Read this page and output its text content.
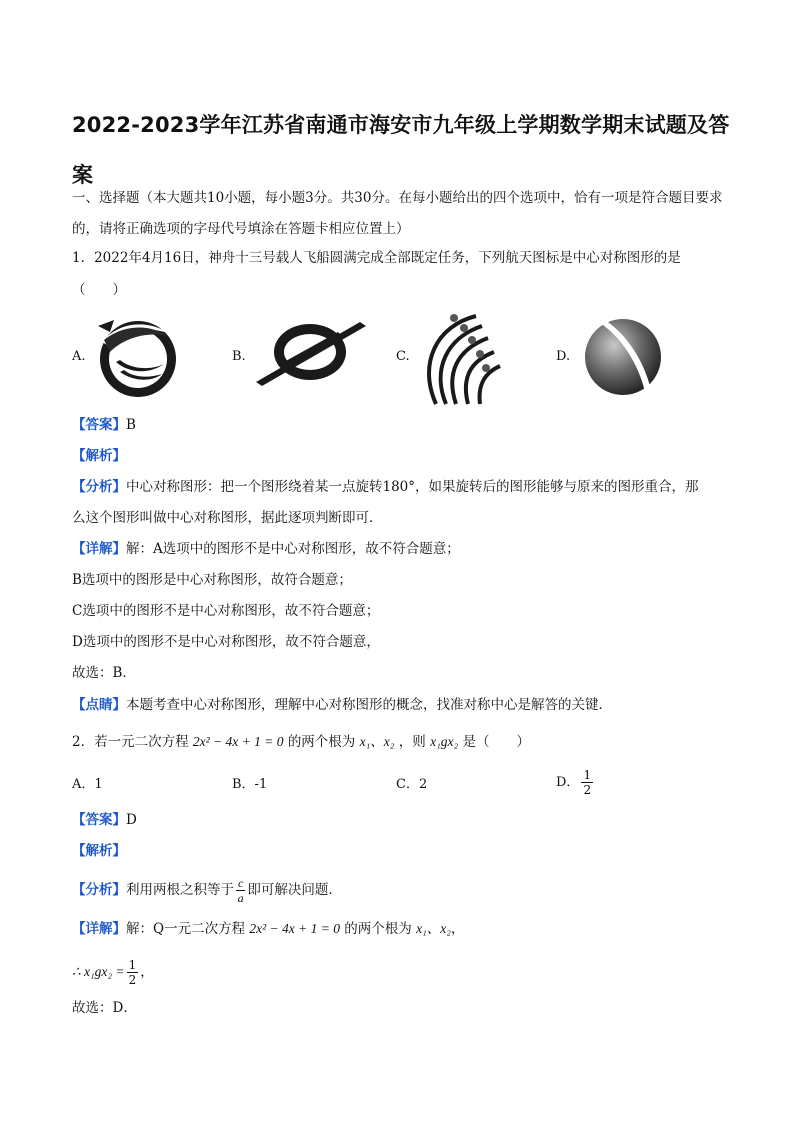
2022-2023学年江苏省南通市海安市九年级上学期数学期末试题及答案
一、选择题（本大题共10小题，每小题3分。共30分。在每小题给出的四个选项中，恰有一项是符合题目要求的，请将正确选项的字母代号填涂在答题卡相应位置上）
1．2022年4月16日，神舟十三号载人飞船圆满完成全部既定任务，下列航天图标是中心对称图形的是
（　　）
A.	B.	C.	D.
【答案】B
【解析】
【分析】中心对称图形：把一个图形绕着某一点旋转180°，如果旋转后的图形能够与原来的图形重合，那
么这个图形叫做中心对称图形，据此逐项判断即可．
【详解】解：A选项中的图形不是中心对称图形，故不符合题意；
B选项中的图形是中心对称图形，故符合题意；
C选项中的图形不是中心对称图形，故不符合题意；
D选项中的图形不是中心对称图形，故不符合题意，
故选：B．
【点睛】本题考查中心对称图形，理解中心对称图形的概念，找准对称中心是解答的关键．
2．若一元二次方程 2x² − 4x + 1 = 0 的两个根为 x₁、x₂ ，则 x₁gx₂ 是（　　）
A．1	B．-1	C．2	D． $\frac{1}{2}$
【答案】D
【解析】
【分析】利用两根之积等于 $\frac{c}{a}$ 即可解决问题．
【详解】解：Q一元二次方程 2x² − 4x + 1 = 0 的两个根为 x₁、x₂，
∴ $x_1gx_2 = \frac{1}{2}$ ，
故选：D．
